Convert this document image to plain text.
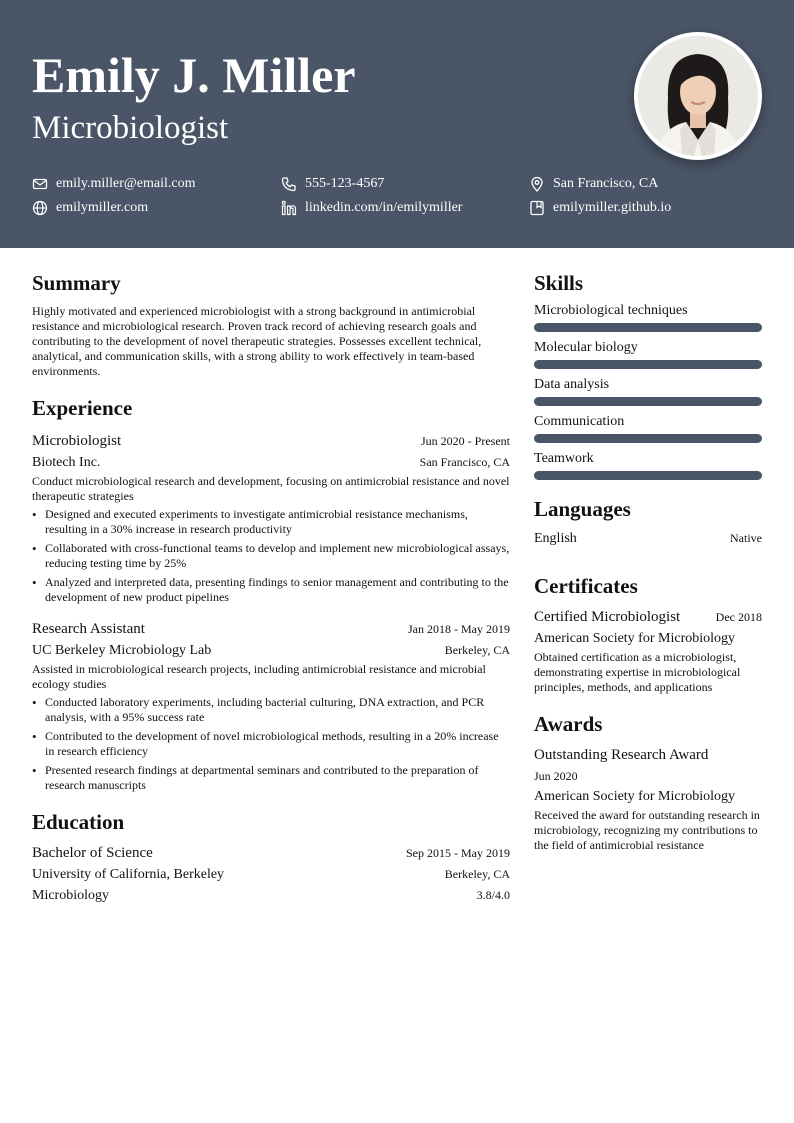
Emily J. Miller
Microbiologist
emily.miller@email.com	555-123-4567	San Francisco, CA
emilymiller.com	linkedin.com/in/emilymiller	emilymiller.github.io
Summary

Highly motivated and experienced microbiologist with a strong background in antimicrobial resistance and microbiological research. Proven track record of achieving research goals and contributing to the development of novel therapeutic strategies. Possesses excellent technical, analytical, and communication skills, with a strong ability to work effectively in team-based environments.

Experience
Microbiologist	Jun 2020 - Present
Biotech Inc.	San Francisco, CA

Conduct microbiological research and development, focusing on antimicrobial resistance and novel therapeutic strategies

• Designed and executed experiments to investigate antimicrobial resistance mechanisms, resulting in a 30% increase in research productivity
• Collaborated with cross-functional teams to develop and implement new microbiological assays, reducing testing time by 25%
• Analyzed and interpreted data, presenting findings to senior management and contributing to the development of new product pipelines
Research Assistant	Jan 2018 - May 2019
UC Berkeley Microbiology Lab	Berkeley, CA

Assisted in microbiological research projects, including antimicrobial resistance and microbial ecology studies

• Conducted laboratory experiments, including bacterial culturing, DNA extraction, and PCR analysis, with a 95% success rate
• Contributed to the development of novel microbiological methods, resulting in a 20% increase in research efficiency
• Presented research findings at departmental seminars and contributed to the preparation of research manuscripts
Education
Bachelor of Science	Sep 2015 - May 2019
University of California, Berkeley	Berkeley, CA
Microbiology	3.8/4.0
Skills
Microbiological techniques
Molecular biology
Data analysis
Communication
Teamwork
Languages
English	Native
Certificates
Certified Microbiologist	Dec 2018
American Society for Microbiology

Obtained certification as a microbiologist, demonstrating expertise in microbiological principles, methods, and applications

Awards
Outstanding Research Award
Jun 2020
American Society for Microbiology

Received the award for outstanding research in microbiology, recognizing my contributions to the field of antimicrobial resistance
